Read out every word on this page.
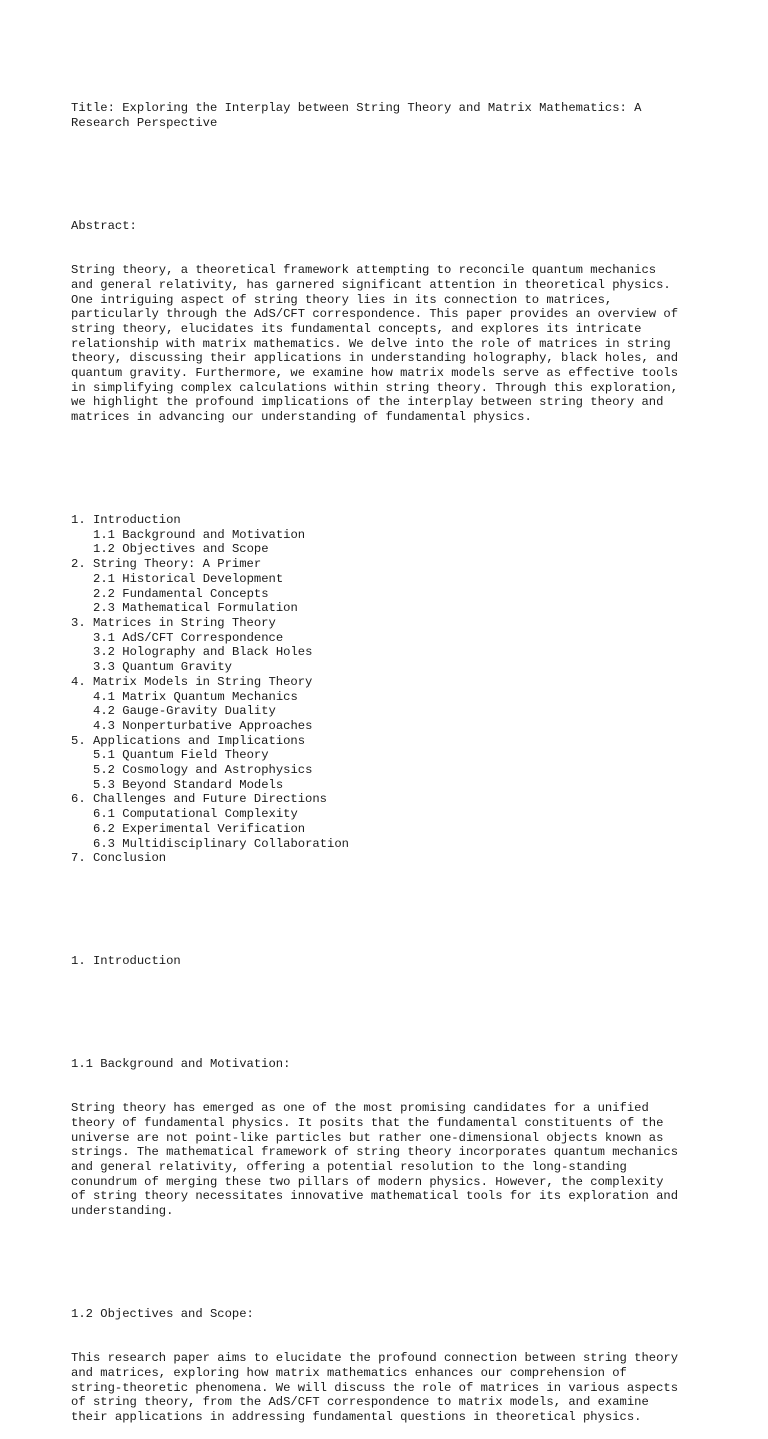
Title: Exploring the Interplay between String Theory and Matrix Mathematics: A
Research Perspective

Abstract:

String theory, a theoretical framework attempting to reconcile quantum mechanics
and general relativity, has garnered significant attention in theoretical physics.
One intriguing aspect of string theory lies in its connection to matrices,
particularly through the AdS/CFT correspondence. This paper provides an overview of
string theory, elucidates its fundamental concepts, and explores its intricate
relationship with matrix mathematics. We delve into the role of matrices in string
theory, discussing their applications in understanding holography, black holes, and
quantum gravity. Furthermore, we examine how matrix models serve as effective tools
in simplifying complex calculations within string theory. Through this exploration,
we highlight the profound implications of the interplay between string theory and
matrices in advancing our understanding of fundamental physics.

1. Introduction
1.1 Background and Motivation
1.2 Objectives and Scope
2. String Theory: A Primer
2.1 Historical Development
2.2 Fundamental Concepts
2.3 Mathematical Formulation
3. Matrices in String Theory
3.1 AdS/CFT Correspondence
3.2 Holography and Black Holes
3.3 Quantum Gravity
4. Matrix Models in String Theory
4.1 Matrix Quantum Mechanics
4.2 Gauge-Gravity Duality
4.3 Nonperturbative Approaches
5. Applications and Implications
5.1 Quantum Field Theory
5.2 Cosmology and Astrophysics
5.3 Beyond Standard Models
6. Challenges and Future Directions
6.1 Computational Complexity
6.2 Experimental Verification
6.3 Multidisciplinary Collaboration
7. Conclusion

1. Introduction

1.1 Background and Motivation:

String theory has emerged as one of the most promising candidates for a unified
theory of fundamental physics. It posits that the fundamental constituents of the
universe are not point-like particles but rather one-dimensional objects known as
strings. The mathematical framework of string theory incorporates quantum mechanics
and general relativity, offering a potential resolution to the long-standing
conundrum of merging these two pillars of modern physics. However, the complexity
of string theory necessitates innovative mathematical tools for its exploration and
understanding.

1.2 Objectives and Scope:

This research paper aims to elucidate the profound connection between string theory
and matrices, exploring how matrix mathematics enhances our comprehension of
string-theoretic phenomena. We will discuss the role of matrices in various aspects
of string theory, from the AdS/CFT correspondence to matrix models, and examine
their applications in addressing fundamental questions in theoretical physics.
